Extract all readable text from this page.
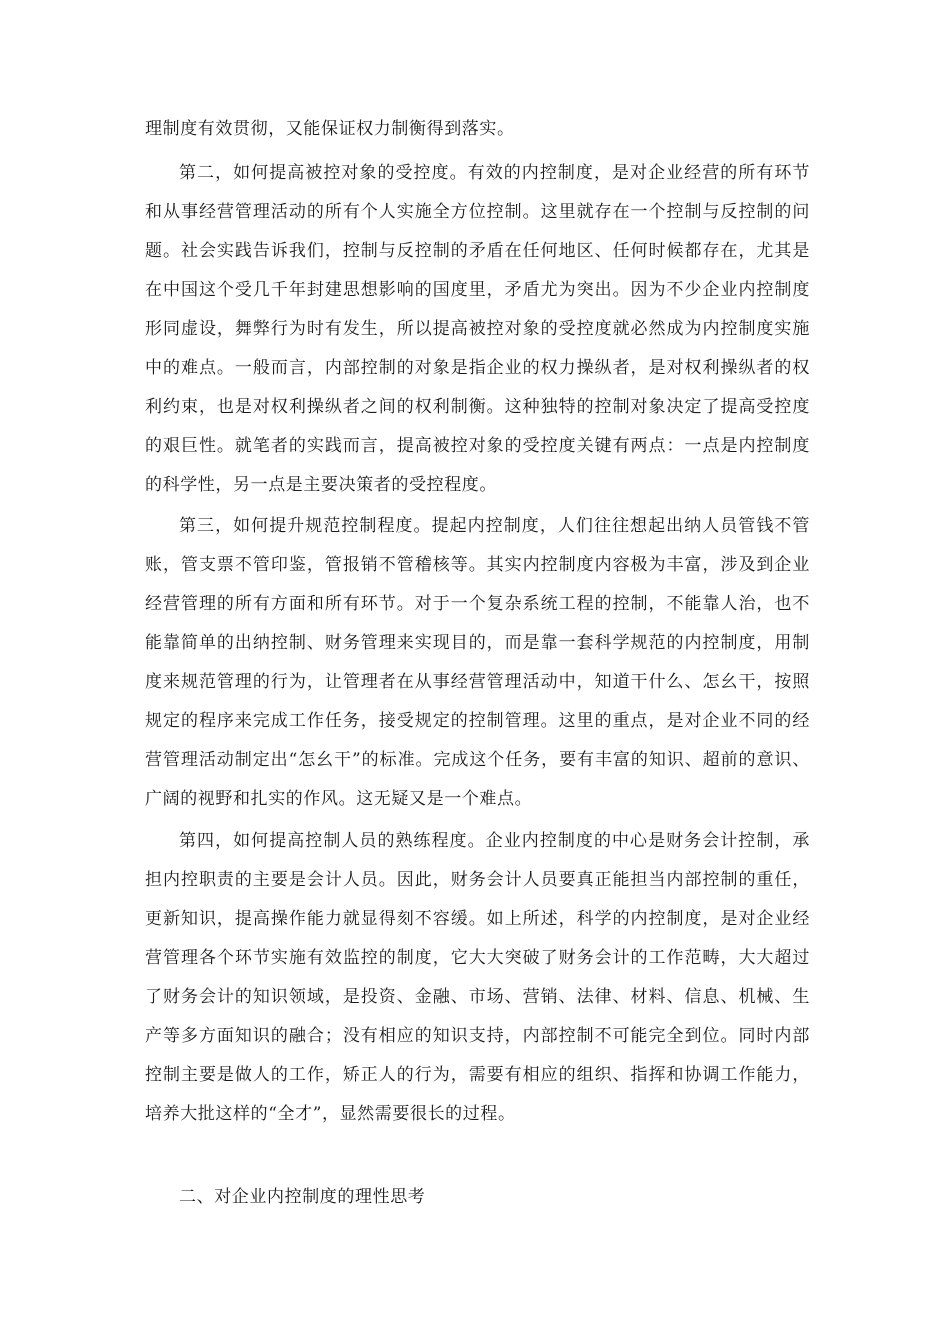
理制度有效贯彻，又能保证权力制衡得到落实。

第二，如何提高被控对象的受控度。有效的内控制度，是对企业经营的所有环节和从事经营管理活动的所有个人实施全方位控制。这里就存在一个控制与反控制的问题。社会实践告诉我们，控制与反控制的矛盾在任何地区、任何时候都存在，尤其是在中国这个受几千年封建思想影响的国度里，矛盾尤为突出。因为不少企业内控制度形同虚设，舞弊行为时有发生，所以提高被控对象的受控度就必然成为内控制度实施中的难点。一般而言，内部控制的对象是指企业的权力操纵者，是对权利操纵者的权利约束，也是对权利操纵者之间的权利制衡。这种独特的控制对象决定了提高受控度的艰巨性。就笔者的实践而言，提高被控对象的受控度关键有两点：一点是内控制度的科学性，另一点是主要决策者的受控程度。

第三，如何提升规范控制程度。提起内控制度，人们往往想起出纳人员管钱不管账，管支票不管印鉴，管报销不管稽核等。其实内控制度内容极为丰富，涉及到企业经营管理的所有方面和所有环节。对于一个复杂系统工程的控制，不能靠人治，也不能靠简单的出纳控制、财务管理来实现目的，而是靠一套科学规范的内控制度，用制度来规范管理的行为，让管理者在从事经营管理活动中，知道干什么、怎幺干，按照规定的程序来完成工作任务，接受规定的控制管理。这里的重点，是对企业不同的经营管理活动制定出“怎幺干”的标准。完成这个任务，要有丰富的知识、超前的意识、广阔的视野和扎实的作风。这无疑又是一个难点。

第四，如何提高控制人员的熟练程度。企业内控制度的中心是财务会计控制，承担内控职责的主要是会计人员。因此，财务会计人员要真正能担当内部控制的重任，更新知识，提高操作能力就显得刻不容缓。如上所述，科学的内控制度，是对企业经营管理各个环节实施有效监控的制度，它大大突破了财务会计的工作范畴，大大超过了财务会计的知识领域，是投资、金融、市场、营销、法律、材料、信息、机械、生产等多方面知识的融合；没有相应的知识支持，内部控制不可能完全到位。同时内部控制主要是做人的工作，矫正人的行为，需要有相应的组织、指挥和协调工作能力，培养大批这样的“全才”，显然需要很长的过程。

二、对企业内控制度的理性思考
